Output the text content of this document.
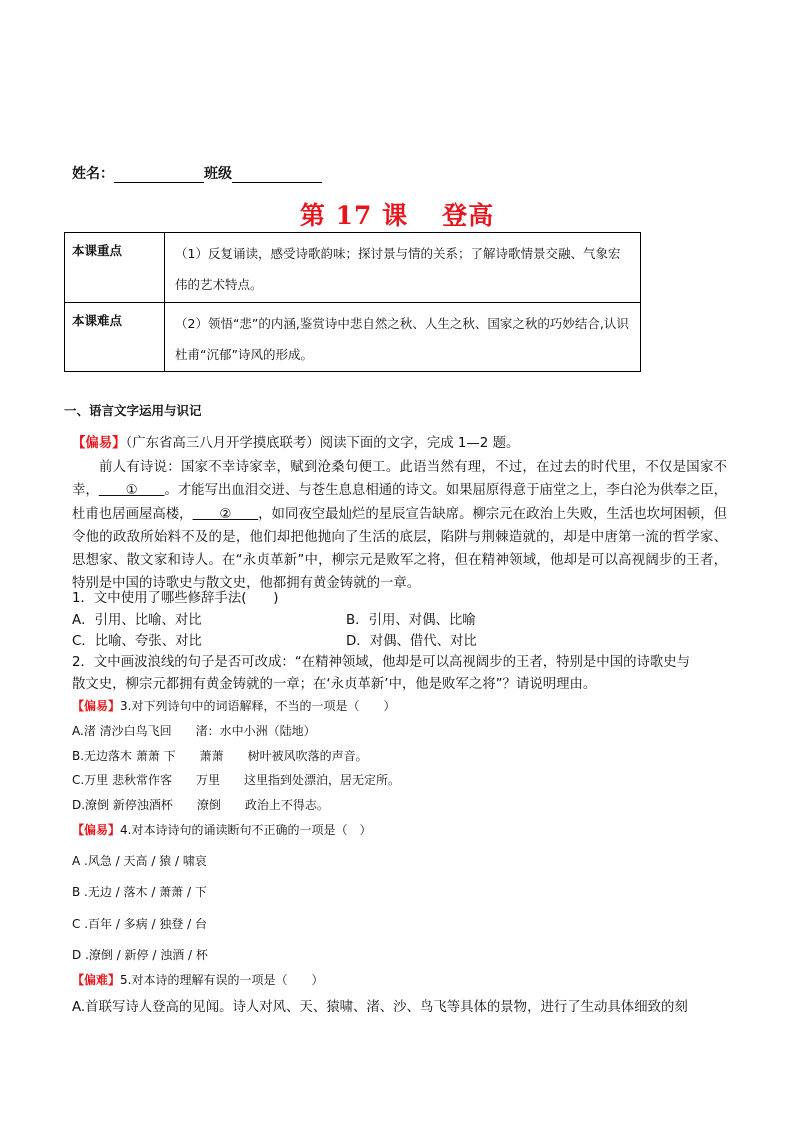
姓名：	班级
第 17 课 登高
本课重点	（1）反复诵读，感受诗歌韵味；探讨景与情的关系；了解诗歌情景交融、气象宏伟的艺术特点。
本课难点	（2）领悟“悲”的内涵,鉴赏诗中悲自然之秋、人生之秋、国家之秋的巧妙结合,认识杜甫“沉郁”诗风的形成。
一、语言文字运用与识记
【偏易】（广东省高三八月开学摸底联考）阅读下面的文字，完成 1—2 题。
前人有诗说：国家不幸诗家幸，赋到沧桑句便工。此语当然有理，不过，在过去的时代里，不仅是国家不幸，＿＿①＿＿。才能写出血泪交迸、与苍生息息相通的诗文。如果屈原得意于庙堂之上，李白沦为供奉之臣，杜甫也居画屋高楼，＿＿②＿＿，如同夜空最灿烂的星辰宣告缺席。柳宗元在政治上失败，生活也坎坷困顿，但令他的政敌所始料不及的是，他们却把他抛向了生活的底层，陷阱与荆棘造就的，却是中唐第一流的哲学家、思想家、散文家和诗人。在“永贞革新”中，柳宗元是败军之将，但在精神领域，他却是可以高视阔步的王者，特别是中国的诗歌史与散文史，他都拥有黄金铸就的一章。
1．文中使用了哪些修辞手法(　　)
A．引用、比喻、对比	B．引用、对偶、比喻
C．比喻、夸张、对比	D．对偶、借代、对比
2．文中画波浪线的句子是否可改成：“在精神领域，他却是可以高视阔步的王者，特别是中国的诗歌史与
散文史，柳宗元都拥有黄金铸就的一章；在‘永贞革新’中，他是败军之将”？请说明理由。
【偏易】3.对下列诗句中的词语解释，不当的一项是（　　）
A.渚 清沙白鸟飞回　　渚：水中小洲（陆地）
B.无边落木 萧萧 下　　萧萧　　树叶被风吹落的声音。
C.万里 悲秋常作客　　万里　　这里指到处漂泊，居无定所。
D.潦倒 新停浊酒杯　　潦倒　　政治上不得志。
【偏易】4.对本诗诗句的诵读断句不正确的一项是（　）
A .风急 / 天高 / 猿 / 啸哀
B .无边 / 落木 / 萧萧 / 下
C .百年 / 多病 / 独登 / 台
D .潦倒 / 新停 / 浊酒 / 杯
【偏难】5.对本诗的理解有误的一项是（　　）
A.首联写诗人登高的见闻。诗人对风、天、猿啸、渚、沙、鸟飞等具体的景物，进行了生动具体细致的刻
